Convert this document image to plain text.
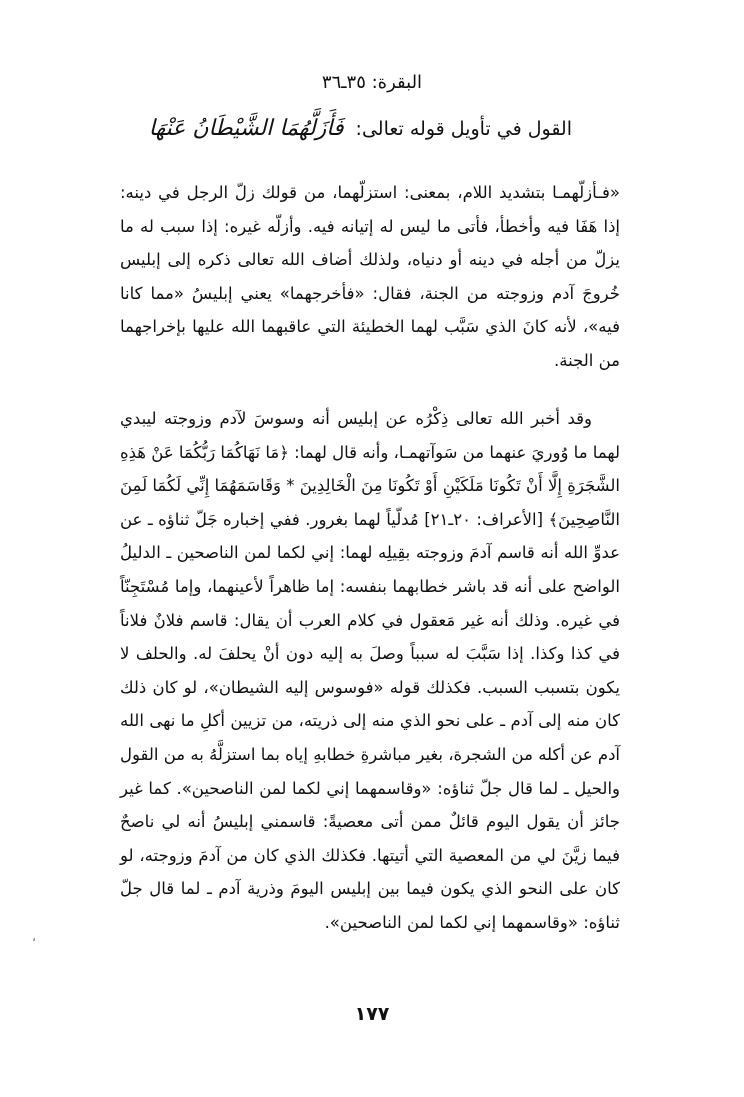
البقرة: ٣٥ـ٣٦
القول في تأويل قوله تعالى: فَأَزَلَّهُمَا الشَّيْطَانُ عَنْهَا

«فـأزلّهمـا بتشديد اللام، بمعنى: استزلّهما، من قولك زلّ الرجل في دينه: إذا هَفَا فيه وأخطأ، فأتى ما ليس له إتيانه فيه. وأزلّه غيره: إذا سبب له ما يزلّ من أجله في دينه أو دنياه، ولذلك أضاف الله تعالى ذكره إلى إبليس خُروجَ آدم وزوجته من الجنة، فقال: «فأخرجهما» يعني إبليسُ «مما كانا فيه»، لأنه كانَ الذي سَبَّب لهما الخطيئة التي عاقبهما الله عليها بإخراجهما من الجنة.

وقد أخبر الله تعالى ذِكْرُه عن إبليس أنه وسوسَ لآدم وزوجته ليبدي لهما ما وُوريَ عنهما من سَوآتهمـا، وأنه قال لهما: ﴿مَا نَهَاكُمَا رَبُّكُمَا عَنْ هَذِهِ الشَّجَرَةِ إِلَّا أَنْ تَكُونَا مَلَكَيْنِ أَوْ تَكُونَا مِنَ الْخَالِدِينَ * وَقَاسَمَهُمَا إِنِّي لَكُمَا لَمِنَ النَّاصِحِينَ﴾ [الأعراف: ٢٠ـ٢١] مُدلّياً لهما بغرور. ففي إخباره جَلّ ثناؤه ـ عن عدوِّ الله أنه قاسم آدمَ وزوجته بقِيلِه لهما: إني لكما لمن الناصحين ـ الدليلُ الواضح على أنه قد باشر خطابهما بنفسه: إما ظاهراً لأعينهما، وإما مُسْتَجِنّاً في غيره. وذلك أنه غير مَعقول في كلام العرب أن يقال: قاسم فلانٌ فلاناً في كذا وكذا. إذا سَبَّبَ له سبباً وصلَ به إليه دون أنْ يحلفَ له. والحلف لا يكون بتسبب السبب. فكذلك قوله «فوسوس إليه الشيطان»، لو كان ذلك كان منه إلى آدم ـ على نحو الذي منه إلى ذريته، من تزيين أكلِ ما نهى الله آدم عن أكله من الشجرة، بغير مباشرةِ خطابهِ إياه بما استزلَّهُ به من القول والحيل ـ لما قال جلّ ثناؤه: «وقاسمهما إني لكما لمن الناصحين». كما غير جائز أن يقول اليوم قائلٌ ممن أتى معصيةً: قاسمني إبليسُ أنه لي ناصحٌ فيما زيَّنَ لي من المعصية التي أتيتها. فكذلك الذي كان من آدمَ وزوجته، لو كان على النحو الذي يكون فيما بين إبليس اليومَ وذرية آدم ـ لما قال جلّ ثناؤه: «وقاسمهما إني لكما لمن الناصحين».

،
١٧٧
